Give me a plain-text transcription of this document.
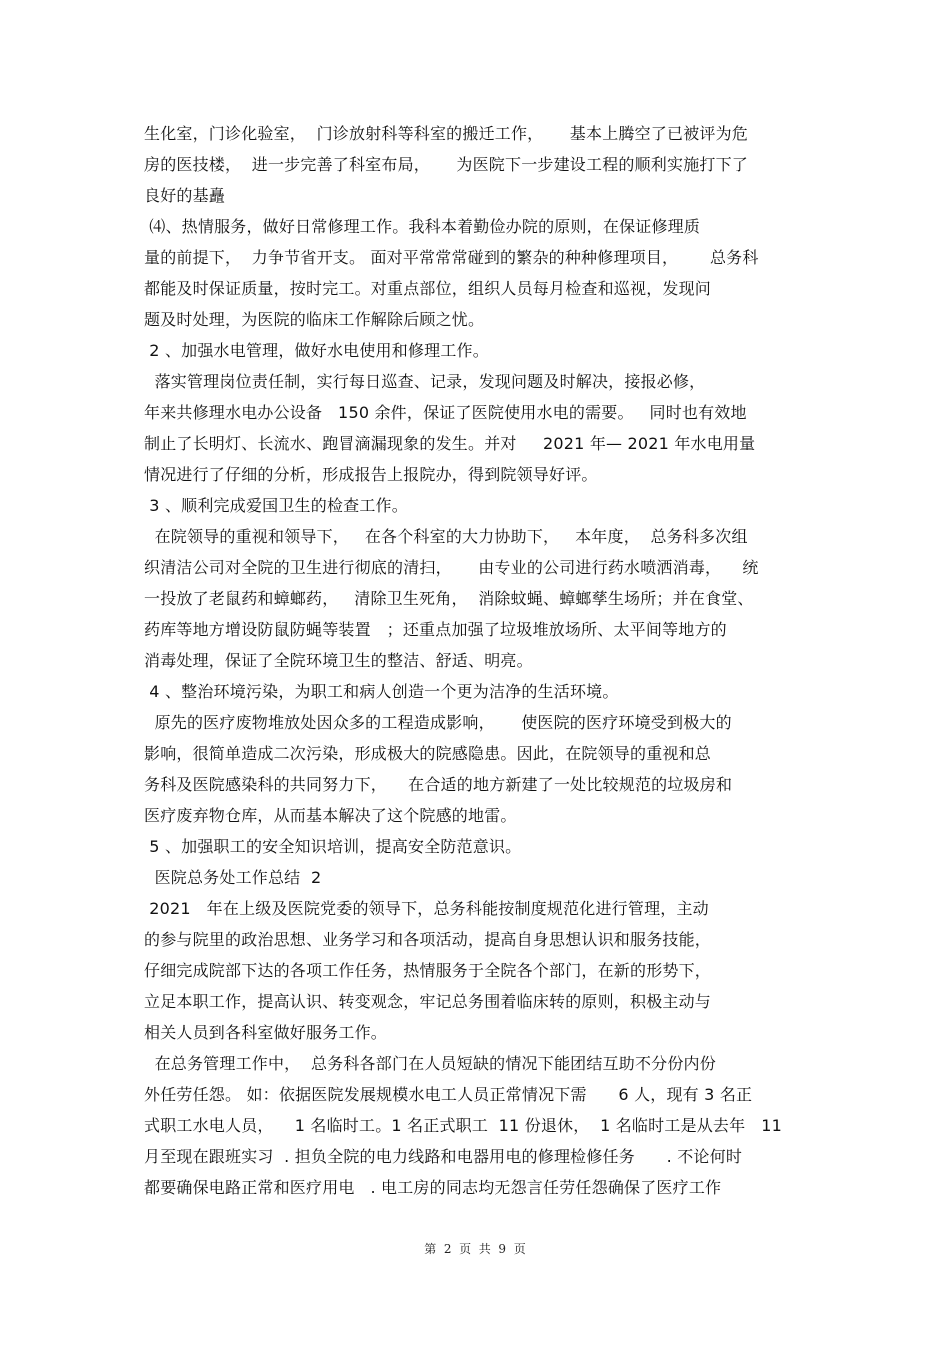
生化室，门诊化验室，  门诊放射科等科室的搬迁工作，     基本上腾空了已被评为危
房的医技楼，  进一步完善了科室布局，     为医院下一步建设工程的顺利实施打下了
良好的基矗
⑷、热情服务，做好日常修理工作。我科本着勤俭办院的原则，在保证修理质
量的前提下，  力争节省开支。 面对平常常常碰到的繁杂的种种修理项目，      总务科
都能及时保证质量，按时完工。对重点部位，组织人员每月检查和巡视，发现问
题及时处理，为医院的临床工作解除后顾之忧。
2 、加强水电管理，做好水电使用和修理工作。
落实管理岗位责任制，实行每日巡查、记录，发现问题及时解决，接报必修，
年来共修理水电办公设备   150 余件，保证了医院使用水电的需要。   同时也有效地
制止了长明灯、长流水、跑冒滴漏现象的发生。并对     2021 年— 2021 年水电用量
情况进行了仔细的分析，形成报告上报院办，得到院领导好评。
3 、顺利完成爱国卫生的检查工作。
在院领导的重视和领导下，   在各个科室的大力协助下，   本年度，  总务科多次组
织清洁公司对全院的卫生进行彻底的清扫，     由专业的公司进行药水喷洒消毒，    统
一投放了老鼠药和蟑螂药，   清除卫生死角，  消除蚊蝇、蟑螂孳生场所；并在食堂、
药库等地方增设防鼠防蝇等装置   ；还重点加强了垃圾堆放场所、太平间等地方的
消毒处理，保证了全院环境卫生的整洁、舒适、明亮。
4 、整治环境污染，为职工和病人创造一个更为洁净的生活环境。
原先的医疗废物堆放处因众多的工程造成影响，     使医院的医疗环境受到极大的
影响，很简单造成二次污染，形成极大的院感隐患。因此，在院领导的重视和总
务科及医院感染科的共同努力下，    在合适的地方新建了一处比较规范的垃圾房和
医疗废弃物仓库，从而基本解决了这个院感的地雷。
5 、加强职工的安全知识培训，提高安全防范意识。
医院总务处工作总结  2
2021   年在上级及医院党委的领导下，总务科能按制度规范化进行管理，主动
的参与院里的政治思想、业务学习和各项活动，提高自身思想认识和服务技能，
仔细完成院部下达的各项工作任务，热情服务于全院各个部门，在新的形势下，
立足本职工作，提高认识、转变观念，牢记总务围着临床转的原则，积极主动与
相关人员到各科室做好服务工作。
在总务管理工作中，  总务科各部门在人员短缺的情况下能团结互助不分份内份
外任劳任怨。 如：依据医院发展规模水电工人员正常情况下需      6 人，现有 3 名正
式职工水电人员，    1 名临时工。1 名正式职工  11 份退休，  1 名临时工是从去年   11
月至现在跟班实习  . 担负全院的电力线路和电器用电的修理检修任务      . 不论何时
都要确保电路正常和医疗用电   . 电工房的同志均无怨言任劳任怨确保了医疗工作
第  2  页  共  9  页
